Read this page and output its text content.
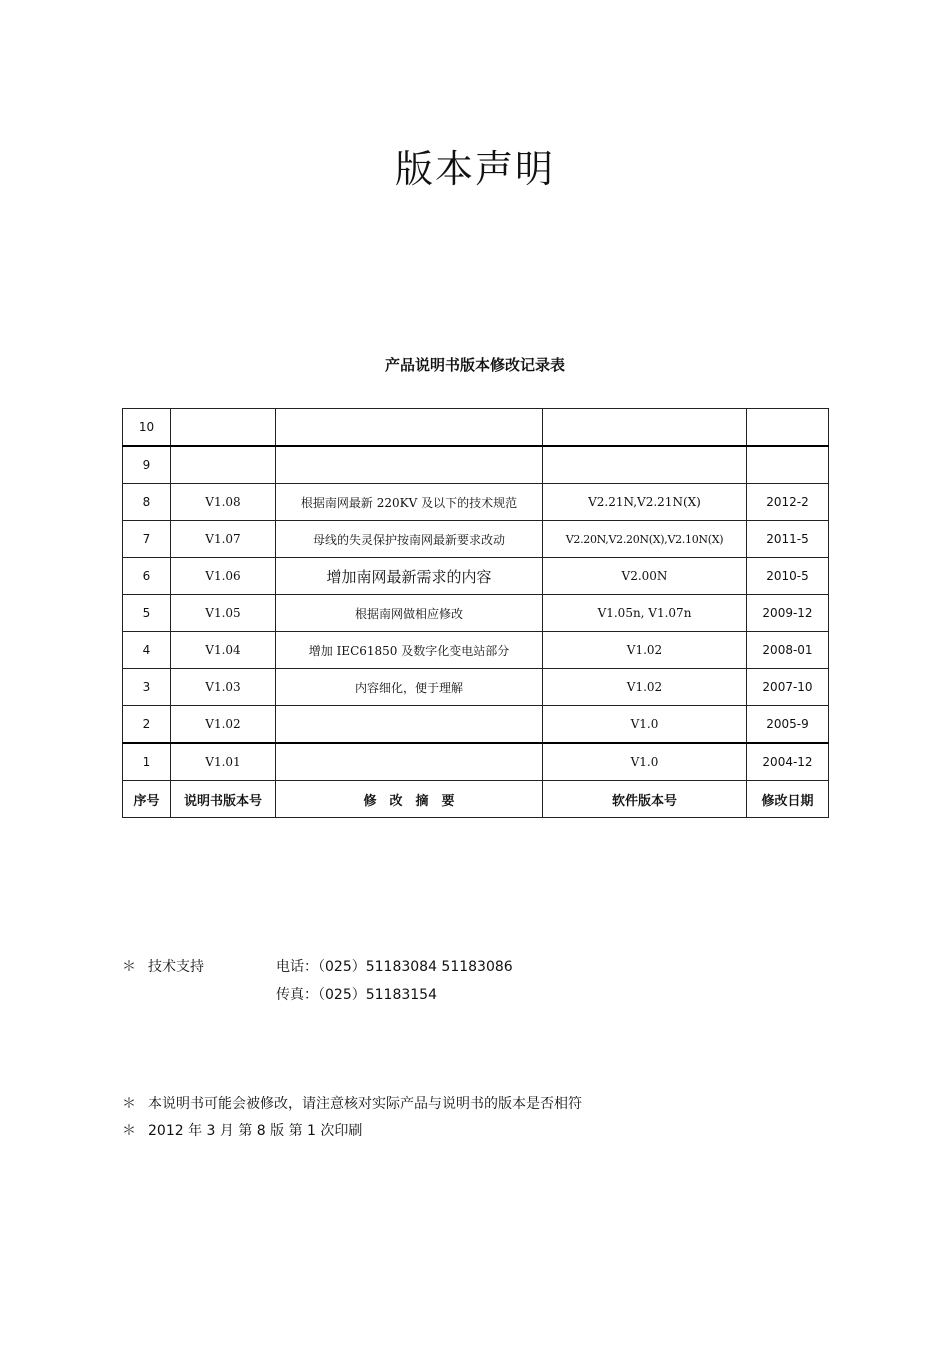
版本声明
产品说明书版本修改记录表
10				
9				
8	V1.08	根据南网最新 220KV 及以下的技术规范	V2.21N,V2.21N(X)	2012-2
7	V1.07	母线的失灵保护按南网最新要求改动	V2.20N,V2.20N(X),V2.10N(X)	2011-5
6	V1.06	增加南网最新需求的内容	V2.00N	2010-5
5	V1.05	根据南网做相应修改	V1.05n, V1.07n	2009-12
4	V1.04	增加 IEC61850 及数字化变电站部分	V1.02	2008-01
3	V1.03	内容细化，便于理解	V1.02	2007-10
2	V1.02		V1.0	2005-9
1	V1.01		V1.0	2004-12
序号	说明书版本号	修　改　摘　要	软件版本号	修改日期
＊ 技术支持	电话：（025）51183084 51183086
传真：（025）51183154
＊ 本说明书可能会被修改，请注意核对实际产品与说明书的版本是否相符
＊ 2012 年 3 月 第 8 版 第 1 次印刷
